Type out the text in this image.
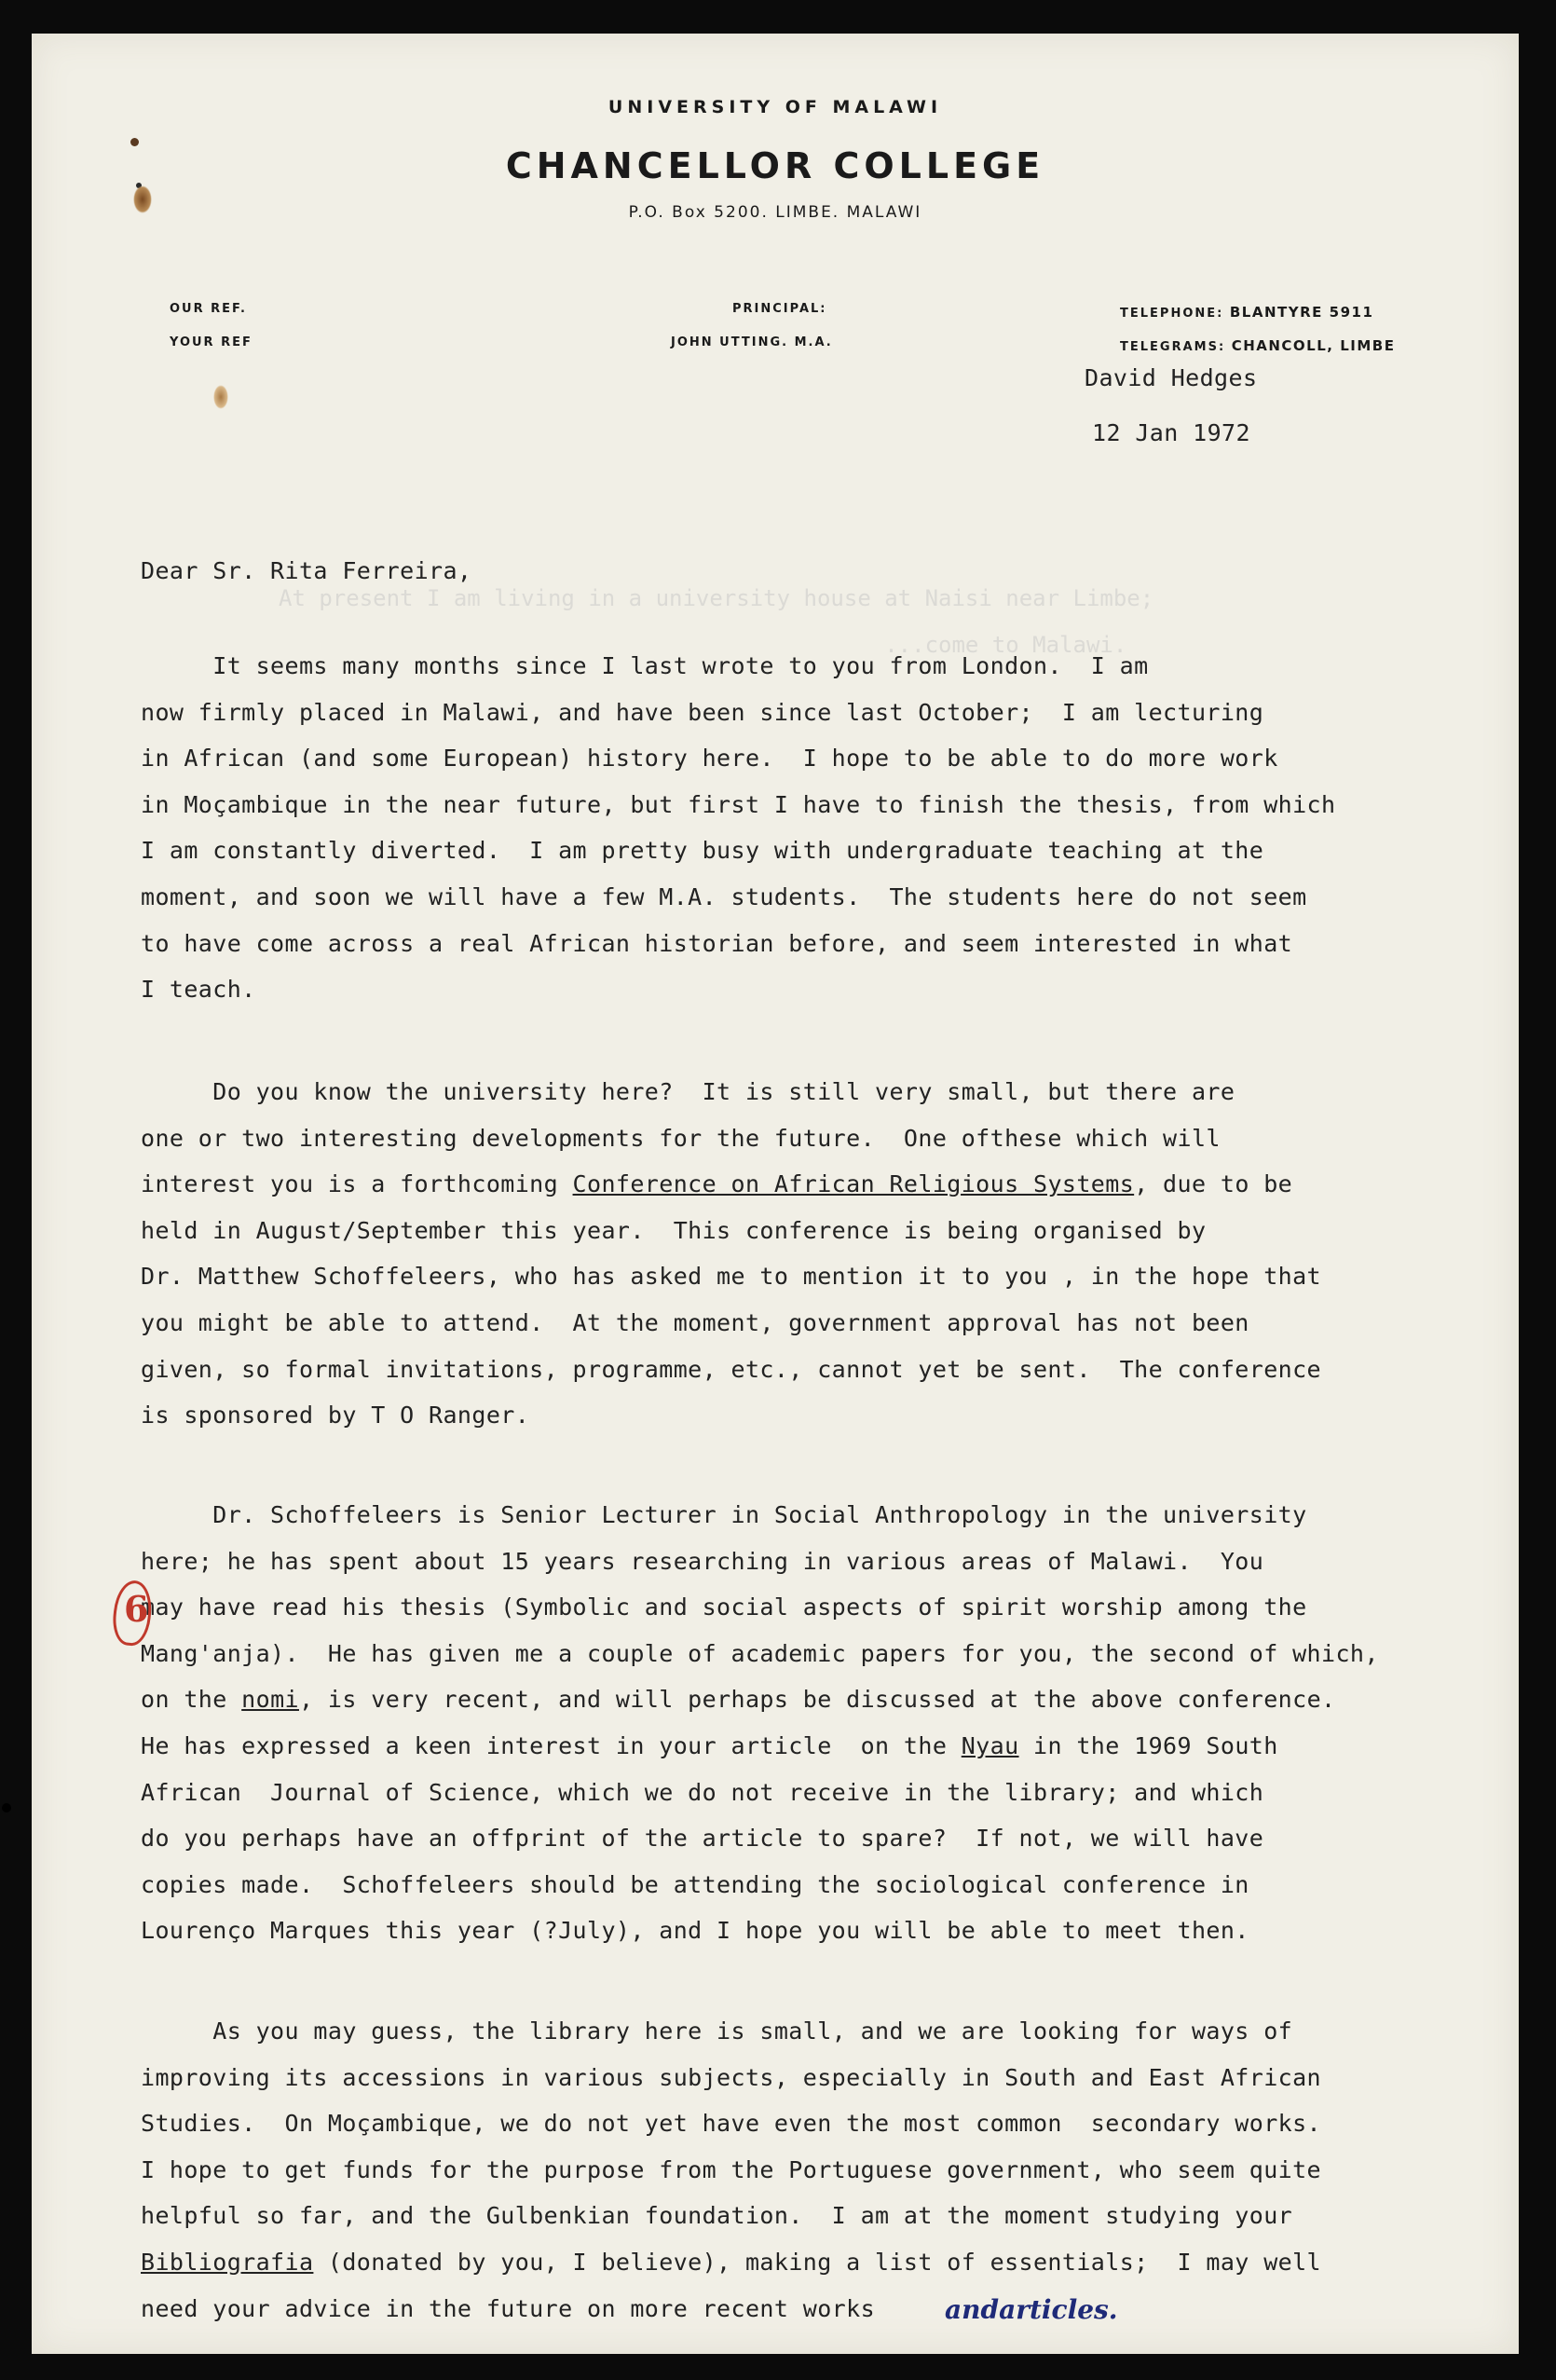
At present I am living in a university house at Naisi near Limbe;
...come to Malawi.
UNIVERSITY OF MALAWI
CHANCELLOR COLLEGE
P.O. Box 5200. LIMBE. MALAWI
OUR REF.
YOUR REF
PRINCIPAL:
JOHN UTTING. M.A.
TELEPHONE: BLANTYRE 5911
TELEGRAMS: CHANCOLL, LIMBE
David Hedges
12 Jan 1972
Dear Sr. Rita Ferreira,
It seems many months since I last wrote to you from London.  I am
now firmly placed in Malawi, and have been since last October;  I am lecturing
in African (and some European) history here.  I hope to be able to do more work
in Moçambique in the near future, but first I have to finish the thesis, from which
I am constantly diverted.  I am pretty busy with undergraduate teaching at the
moment, and soon we will have a few M.A. students.  The students here do not seem
to have come across a real African historian before, and seem interested in what
I teach.
Do you know the university here?  It is still very small, but there are
one or two interesting developments for the future.  One ofthese which will
interest you is a forthcoming Conference on African Religious Systems, due to be
held in August/September this year.  This conference is being organised by
Dr. Matthew Schoffeleers, who has asked me to mention it to you , in the hope that
you might be able to attend.  At the moment, government approval has not been
given, so formal invitations, programme, etc., cannot yet be sent.  The conference
is sponsored by T O Ranger.
Dr. Schoffeleers is Senior Lecturer in Social Anthropology in the university
here; he has spent about 15 years researching in various areas of Malawi.  You
may have read his thesis (Symbolic and social aspects of spirit worship among the
Mang'anja).  He has given me a couple of academic papers for you, the second of which,
on the nomi, is very recent, and will perhaps be discussed at the above conference.
He has expressed a keen interest in your article  on the Nyau in the 1969 South
African  Journal of Science, which we do not receive in the library; and which
do you perhaps have an offprint of the article to spare?  If not, we will have
copies made.  Schoffeleers should be attending the sociological conference in
Lourenço Marques this year (?July), and I hope you will be able to meet then.
As you may guess, the library here is small, and we are looking for ways of
improving its accessions in various subjects, especially in South and East African
Studies.  On Moçambique, we do not yet have even the most common  secondary works.
I hope to get funds for the purpose from the Portuguese government, who seem quite
helpful so far, and the Gulbenkian foundation.  I am at the moment studying your
Bibliografia (donated by you, I believe), making a list of essentials;  I may well
need your advice in the future on more recent works	andarticles.
6
